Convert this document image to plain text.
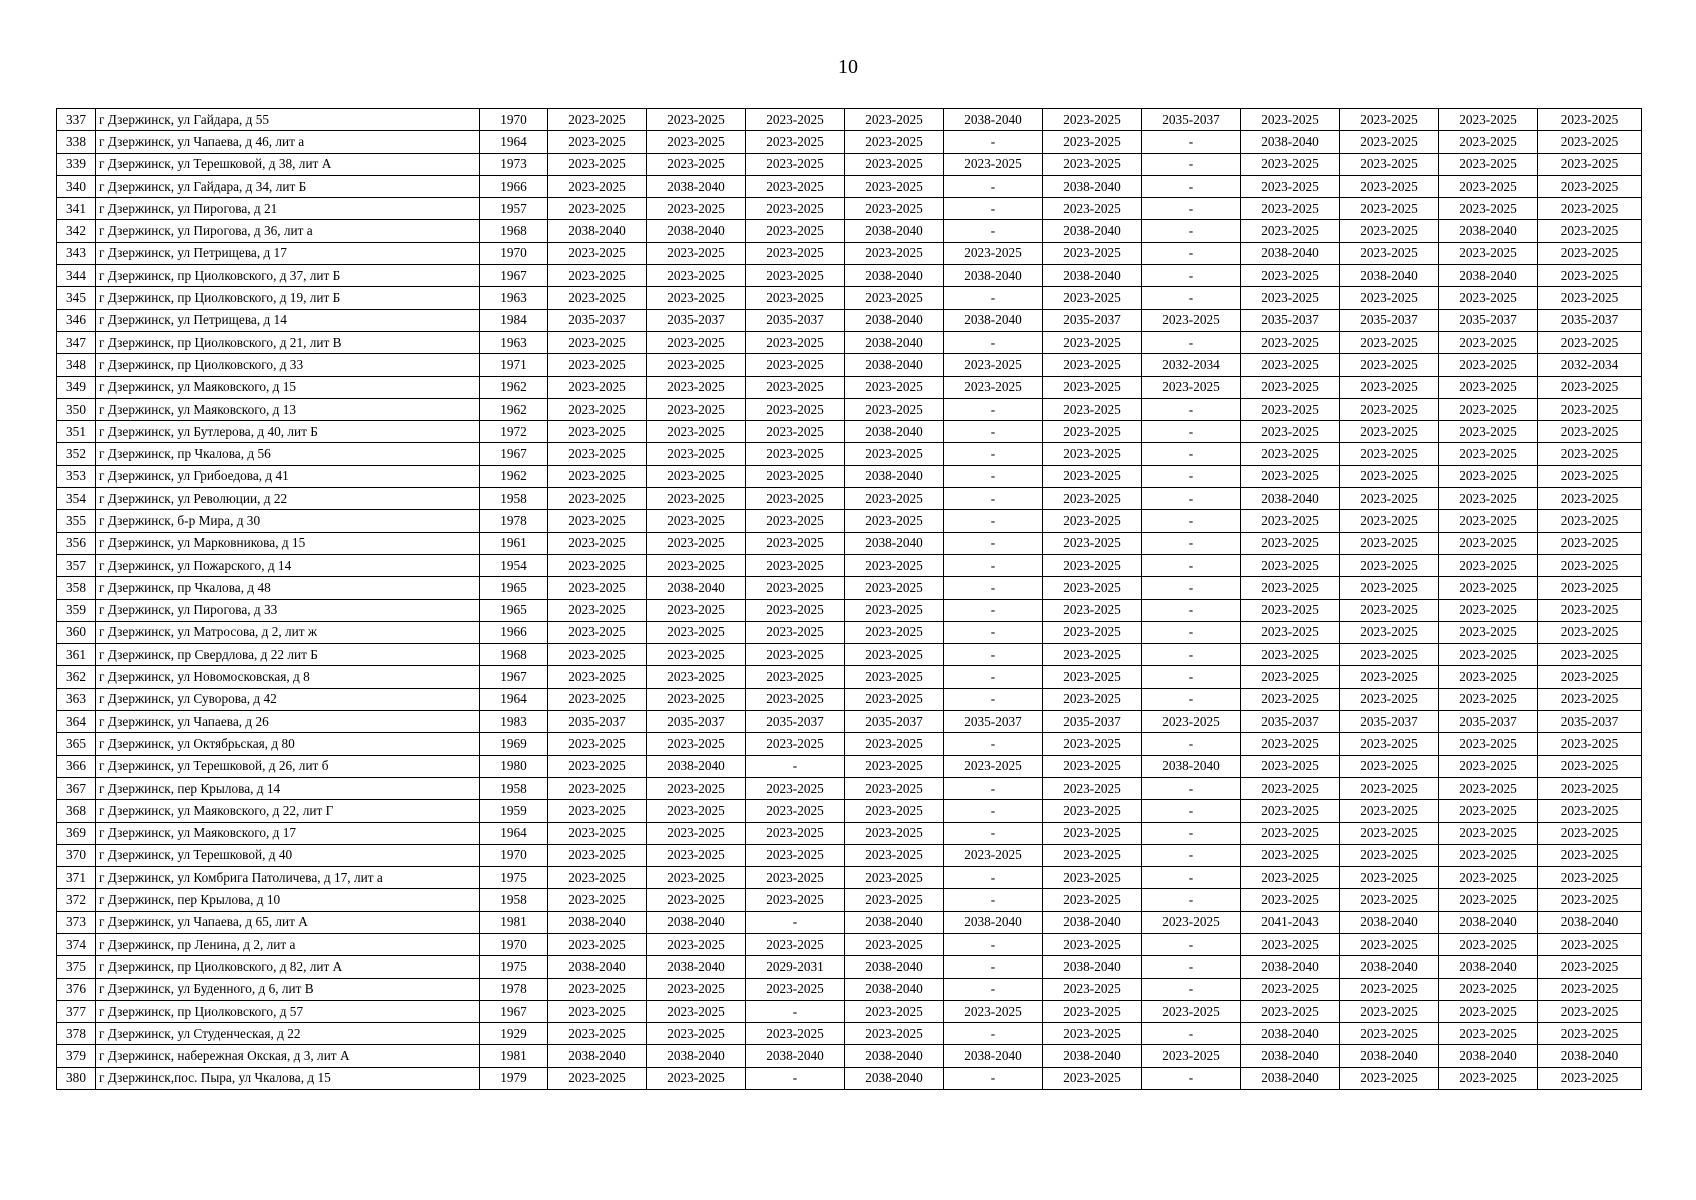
10
337	г Дзержинск, ул Гайдара, д 55	1970	2023-2025	2023-2025	2023-2025	2023-2025	2038-2040	2023-2025	2035-2037	2023-2025	2023-2025	2023-2025	2023-2025
338	г Дзержинск, ул Чапаева, д 46, лит а	1964	2023-2025	2023-2025	2023-2025	2023-2025	-	2023-2025	-	2038-2040	2023-2025	2023-2025	2023-2025
339	г Дзержинск, ул Терешковой, д 38, лит А	1973	2023-2025	2023-2025	2023-2025	2023-2025	2023-2025	2023-2025	-	2023-2025	2023-2025	2023-2025	2023-2025
340	г Дзержинск, ул Гайдара, д 34, лит Б	1966	2023-2025	2038-2040	2023-2025	2023-2025	-	2038-2040	-	2023-2025	2023-2025	2023-2025	2023-2025
341	г Дзержинск, ул Пирогова, д 21	1957	2023-2025	2023-2025	2023-2025	2023-2025	-	2023-2025	-	2023-2025	2023-2025	2023-2025	2023-2025
342	г Дзержинск, ул Пирогова, д 36, лит а	1968	2038-2040	2038-2040	2023-2025	2038-2040	-	2038-2040	-	2023-2025	2023-2025	2038-2040	2023-2025
343	г Дзержинск, ул Петрищева, д 17	1970	2023-2025	2023-2025	2023-2025	2023-2025	2023-2025	2023-2025	-	2038-2040	2023-2025	2023-2025	2023-2025
344	г Дзержинск, пр Циолковского, д 37, лит Б	1967	2023-2025	2023-2025	2023-2025	2038-2040	2038-2040	2038-2040	-	2023-2025	2038-2040	2038-2040	2023-2025
345	г Дзержинск, пр Циолковского, д 19, лит Б	1963	2023-2025	2023-2025	2023-2025	2023-2025	-	2023-2025	-	2023-2025	2023-2025	2023-2025	2023-2025
346	г Дзержинск, ул Петрищева, д 14	1984	2035-2037	2035-2037	2035-2037	2038-2040	2038-2040	2035-2037	2023-2025	2035-2037	2035-2037	2035-2037	2035-2037
347	г Дзержинск, пр Циолковского, д 21, лит В	1963	2023-2025	2023-2025	2023-2025	2038-2040	-	2023-2025	-	2023-2025	2023-2025	2023-2025	2023-2025
348	г Дзержинск, пр Циолковского, д 33	1971	2023-2025	2023-2025	2023-2025	2038-2040	2023-2025	2023-2025	2032-2034	2023-2025	2023-2025	2023-2025	2032-2034
349	г Дзержинск, ул Маяковского, д 15	1962	2023-2025	2023-2025	2023-2025	2023-2025	2023-2025	2023-2025	2023-2025	2023-2025	2023-2025	2023-2025	2023-2025
350	г Дзержинск, ул Маяковского, д 13	1962	2023-2025	2023-2025	2023-2025	2023-2025	-	2023-2025	-	2023-2025	2023-2025	2023-2025	2023-2025
351	г Дзержинск, ул Бутлерова, д 40, лит Б	1972	2023-2025	2023-2025	2023-2025	2038-2040	-	2023-2025	-	2023-2025	2023-2025	2023-2025	2023-2025
352	г Дзержинск, пр Чкалова, д 56	1967	2023-2025	2023-2025	2023-2025	2023-2025	-	2023-2025	-	2023-2025	2023-2025	2023-2025	2023-2025
353	г Дзержинск, ул Грибоедова, д 41	1962	2023-2025	2023-2025	2023-2025	2038-2040	-	2023-2025	-	2023-2025	2023-2025	2023-2025	2023-2025
354	г Дзержинск, ул Революции, д 22	1958	2023-2025	2023-2025	2023-2025	2023-2025	-	2023-2025	-	2038-2040	2023-2025	2023-2025	2023-2025
355	г Дзержинск, б-р Мира, д 30	1978	2023-2025	2023-2025	2023-2025	2023-2025	-	2023-2025	-	2023-2025	2023-2025	2023-2025	2023-2025
356	г Дзержинск, ул Марковникова, д 15	1961	2023-2025	2023-2025	2023-2025	2038-2040	-	2023-2025	-	2023-2025	2023-2025	2023-2025	2023-2025
357	г Дзержинск, ул Пожарского, д 14	1954	2023-2025	2023-2025	2023-2025	2023-2025	-	2023-2025	-	2023-2025	2023-2025	2023-2025	2023-2025
358	г Дзержинск, пр Чкалова, д 48	1965	2023-2025	2038-2040	2023-2025	2023-2025	-	2023-2025	-	2023-2025	2023-2025	2023-2025	2023-2025
359	г Дзержинск, ул Пирогова, д 33	1965	2023-2025	2023-2025	2023-2025	2023-2025	-	2023-2025	-	2023-2025	2023-2025	2023-2025	2023-2025
360	г Дзержинск, ул Матросова, д 2, лит ж	1966	2023-2025	2023-2025	2023-2025	2023-2025	-	2023-2025	-	2023-2025	2023-2025	2023-2025	2023-2025
361	г Дзержинск, пр Свердлова, д 22 лит Б	1968	2023-2025	2023-2025	2023-2025	2023-2025	-	2023-2025	-	2023-2025	2023-2025	2023-2025	2023-2025
362	г Дзержинск, ул Новомосковская, д 8	1967	2023-2025	2023-2025	2023-2025	2023-2025	-	2023-2025	-	2023-2025	2023-2025	2023-2025	2023-2025
363	г Дзержинск, ул Суворова, д 42	1964	2023-2025	2023-2025	2023-2025	2023-2025	-	2023-2025	-	2023-2025	2023-2025	2023-2025	2023-2025
364	г Дзержинск, ул Чапаева, д 26	1983	2035-2037	2035-2037	2035-2037	2035-2037	2035-2037	2035-2037	2023-2025	2035-2037	2035-2037	2035-2037	2035-2037
365	г Дзержинск, ул Октябрьская, д 80	1969	2023-2025	2023-2025	2023-2025	2023-2025	-	2023-2025	-	2023-2025	2023-2025	2023-2025	2023-2025
366	г Дзержинск, ул Терешковой, д 26, лит б	1980	2023-2025	2038-2040	-	2023-2025	2023-2025	2023-2025	2038-2040	2023-2025	2023-2025	2023-2025	2023-2025
367	г Дзержинск, пер Крылова, д 14	1958	2023-2025	2023-2025	2023-2025	2023-2025	-	2023-2025	-	2023-2025	2023-2025	2023-2025	2023-2025
368	г Дзержинск, ул Маяковского, д 22, лит Г	1959	2023-2025	2023-2025	2023-2025	2023-2025	-	2023-2025	-	2023-2025	2023-2025	2023-2025	2023-2025
369	г Дзержинск, ул Маяковского, д 17	1964	2023-2025	2023-2025	2023-2025	2023-2025	-	2023-2025	-	2023-2025	2023-2025	2023-2025	2023-2025
370	г Дзержинск, ул Терешковой, д 40	1970	2023-2025	2023-2025	2023-2025	2023-2025	2023-2025	2023-2025	-	2023-2025	2023-2025	2023-2025	2023-2025
371	г Дзержинск, ул Комбрига Патоличева, д 17, лит а	1975	2023-2025	2023-2025	2023-2025	2023-2025	-	2023-2025	-	2023-2025	2023-2025	2023-2025	2023-2025
372	г Дзержинск, пер Крылова, д 10	1958	2023-2025	2023-2025	2023-2025	2023-2025	-	2023-2025	-	2023-2025	2023-2025	2023-2025	2023-2025
373	г Дзержинск, ул Чапаева, д 65, лит А	1981	2038-2040	2038-2040	-	2038-2040	2038-2040	2038-2040	2023-2025	2041-2043	2038-2040	2038-2040	2038-2040
374	г Дзержинск, пр Ленина, д 2, лит а	1970	2023-2025	2023-2025	2023-2025	2023-2025	-	2023-2025	-	2023-2025	2023-2025	2023-2025	2023-2025
375	г Дзержинск, пр Циолковского, д 82, лит А	1975	2038-2040	2038-2040	2029-2031	2038-2040	-	2038-2040	-	2038-2040	2038-2040	2038-2040	2023-2025
376	г Дзержинск, ул Буденного, д 6, лит В	1978	2023-2025	2023-2025	2023-2025	2038-2040	-	2023-2025	-	2023-2025	2023-2025	2023-2025	2023-2025
377	г Дзержинск, пр Циолковского, д 57	1967	2023-2025	2023-2025	-	2023-2025	2023-2025	2023-2025	2023-2025	2023-2025	2023-2025	2023-2025	2023-2025
378	г Дзержинск, ул Студенческая, д 22	1929	2023-2025	2023-2025	2023-2025	2023-2025	-	2023-2025	-	2038-2040	2023-2025	2023-2025	2023-2025
379	г Дзержинск, набережная Окская, д 3, лит А	1981	2038-2040	2038-2040	2038-2040	2038-2040	2038-2040	2038-2040	2023-2025	2038-2040	2038-2040	2038-2040	2038-2040
380	г Дзержинск,пос. Пыра, ул Чкалова, д 15	1979	2023-2025	2023-2025	-	2038-2040	-	2023-2025	-	2038-2040	2023-2025	2023-2025	2023-2025
